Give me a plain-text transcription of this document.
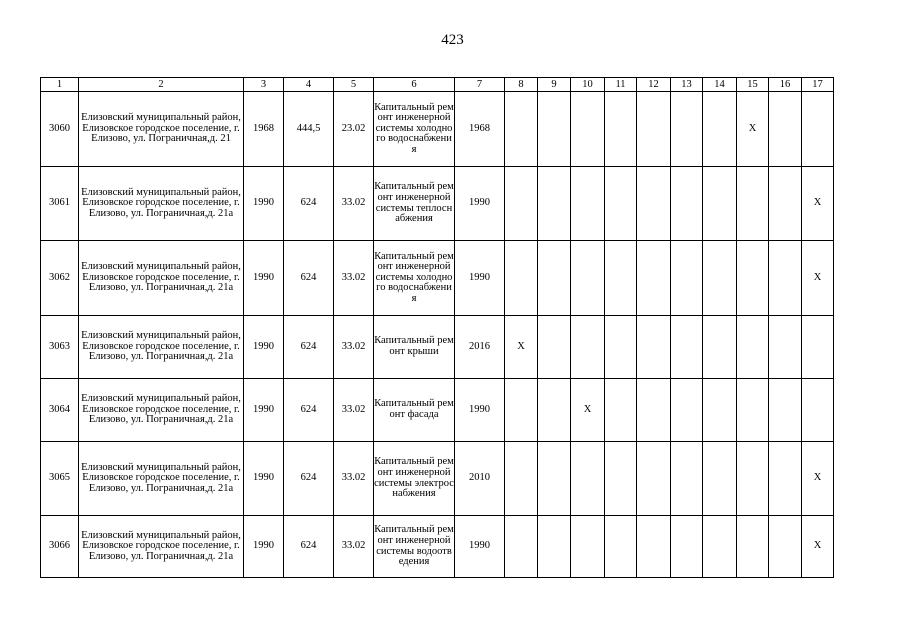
423
1	2	3	4	5	6	7	8	9	10	11	12	13	14	15	16	17
3060	Елизовский муниципальный район, Елизовское городское поселение, г. Елизово, ул. Пограничная,д. 21	1968	444,5	23.02	Капитальный ремонт инженерной системы холодного водоснабжения	1968								X		
3061	Елизовский муниципальный район, Елизовское городское поселение, г. Елизово, ул. Пограничная,д. 21а	1990	624	33.02	Капитальный ремонт инженерной системы теплоснабжения	1990										X
3062	Елизовский муниципальный район, Елизовское городское поселение, г. Елизово, ул. Пограничная,д. 21а	1990	624	33.02	Капитальный ремонт инженерной системы холодного водоснабжения	1990										X
3063	Елизовский муниципальный район, Елизовское городское поселение, г. Елизово, ул. Пограничная,д. 21а	1990	624	33.02	Капитальный ремонт крыши	2016	X									
3064	Елизовский муниципальный район, Елизовское городское поселение, г. Елизово, ул. Пограничная,д. 21а	1990	624	33.02	Капитальный ремонт фасада	1990			X							
3065	Елизовский муниципальный район, Елизовское городское поселение, г. Елизово, ул. Пограничная,д. 21а	1990	624	33.02	Капитальный ремонт инженерной системы электроснабжения	2010										X
3066	Елизовский муниципальный район, Елизовское городское поселение, г. Елизово, ул. Пограничная,д. 21а	1990	624	33.02	Капитальный ремонт инженерной системы водоотведения	1990										X
